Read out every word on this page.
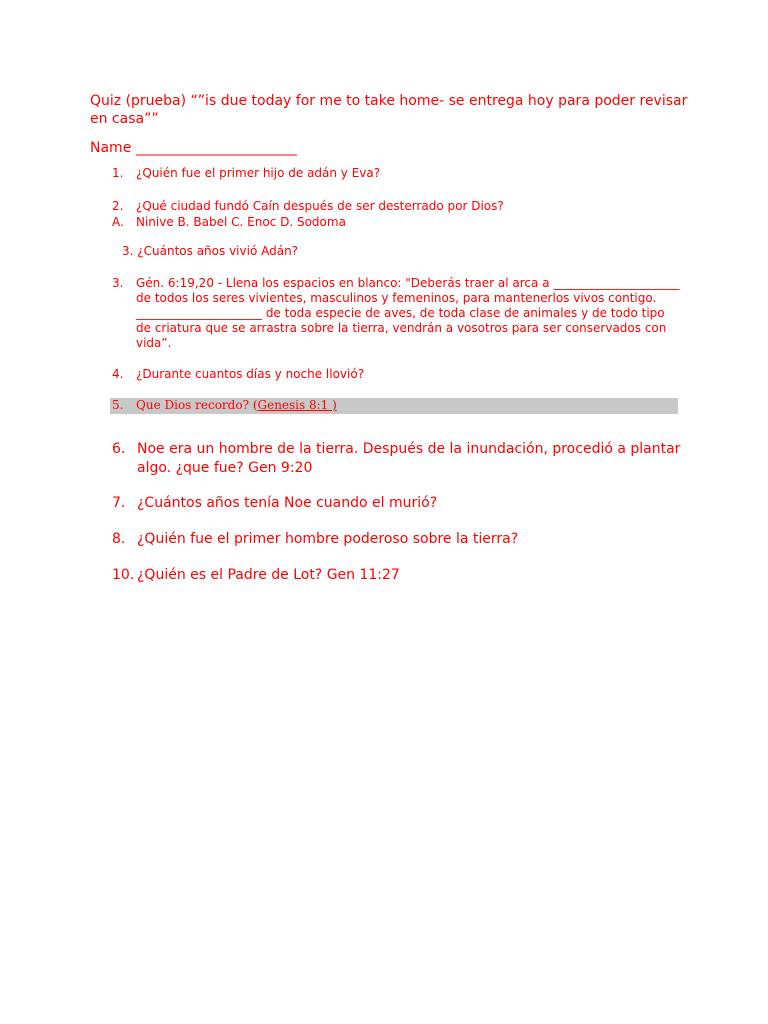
Quiz (prueba) “”is due today for me to take home- se entrega hoy para poder revisar en casa””
Name _______________________
1. ¿Quién fue el primer hijo de adán y Eva?
2. ¿Qué ciudad fundó Caín después de ser desterrado por Dios?
A. Ninive B. Babel C. Enoc D. Sodoma
3. ¿Cuántos años vivió Adán?
3. Gén. 6:19,20 - Llena los espacios en blanco: "Deberás traer al arca a _____________________ de todos los seres vivientes, masculinos y femeninos, para mantenerlos vivos contigo. _____________________ de toda especie de aves, de toda clase de animales y de todo tipo de criatura que se arrastra sobre la tierra, vendrán a vosotros para ser conservados con vida”.
4. ¿Durante cuantos días y noche llovió?
5. Que Dios recordo? (Genesis 8:1 )
6. Noe era un hombre de la tierra. Después de la inundación, procedió a plantar algo. ¿que fue? Gen 9:20
7. ¿Cuántos años tenía Noe cuando el murió?
8. ¿Quién fue el primer hombre poderoso sobre la tierra?
10. ¿Quién es el Padre de Lot? Gen 11:27
